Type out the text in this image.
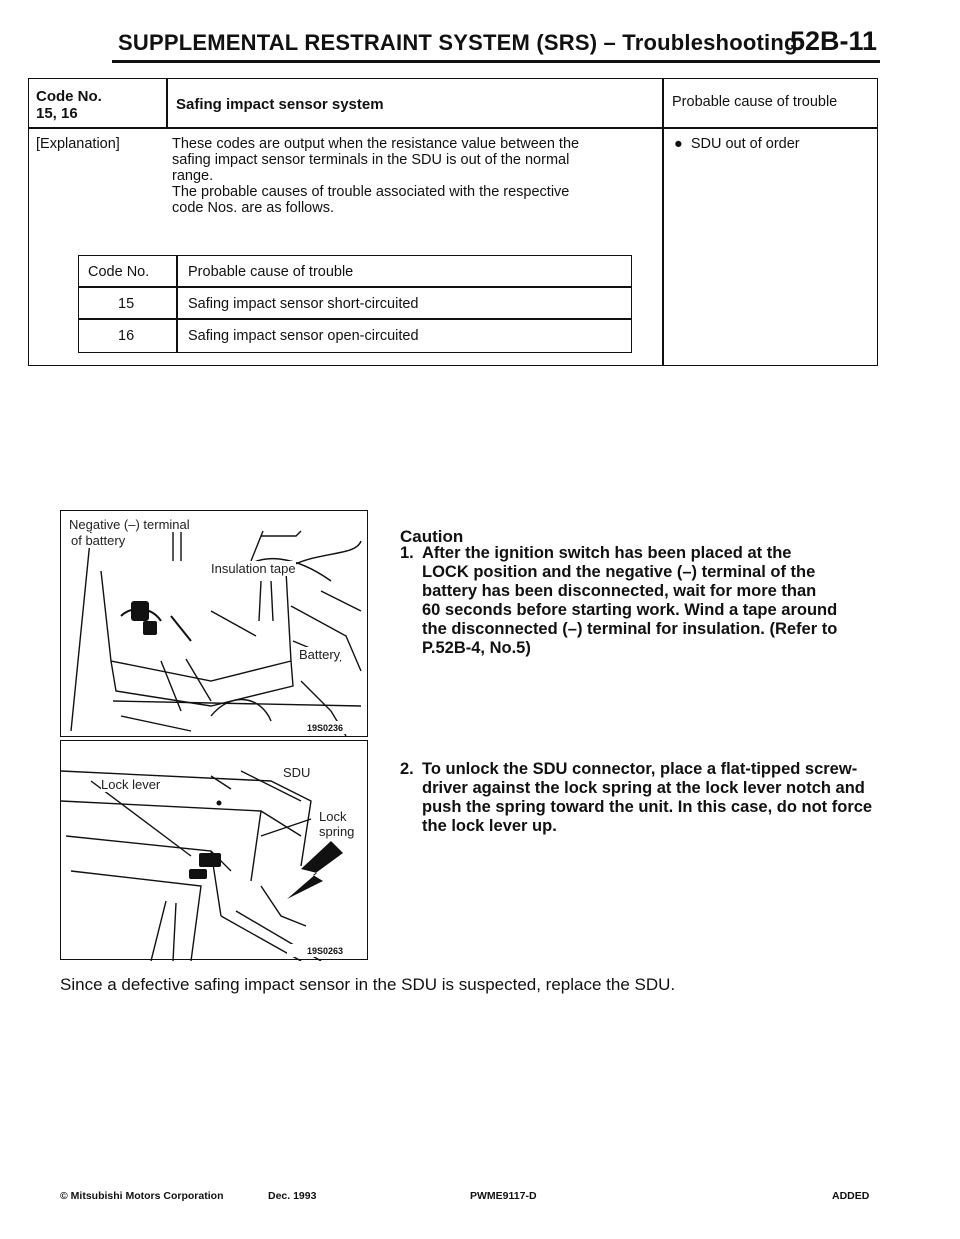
SUPPLEMENTAL RESTRAINT SYSTEM (SRS) – Troubleshooting
52B-11
Code No.
15, 16
Safing impact sensor system	Probable cause of trouble
[Explanation]	These codes are output when the resistance value between the
safing impact sensor terminals in the SDU is out of the normal
range.
The probable causes of trouble associated with the respective
code Nos. are as follows.
●  SDU out of order
Code No.	Probable cause of trouble
15	Safing impact sensor short-circuited
16	Safing impact sensor open-circuited
Negative (–) terminal
of battery
Insulation tape
Battery
19S0236
Lock lever
SDU
Lock
spring
19S0263
Caution
1. After the ignition switch has been placed at the
LOCK position and the negative (–) terminal of the
battery has been disconnected, wait for more than
60 seconds before starting work. Wind a tape around
the disconnected (–) terminal for insulation. (Refer to
P.52B-4, No.5)
2. To unlock the SDU connector, place a flat-tipped screw-
driver against the lock spring at the lock lever notch and
push the spring toward the unit. In this case, do not force
the lock lever up.
Since a defective safing impact sensor in the SDU is suspected, replace the SDU.
© Mitsubishi Motors Corporation	Dec. 1993	PWME9117-D	ADDED
